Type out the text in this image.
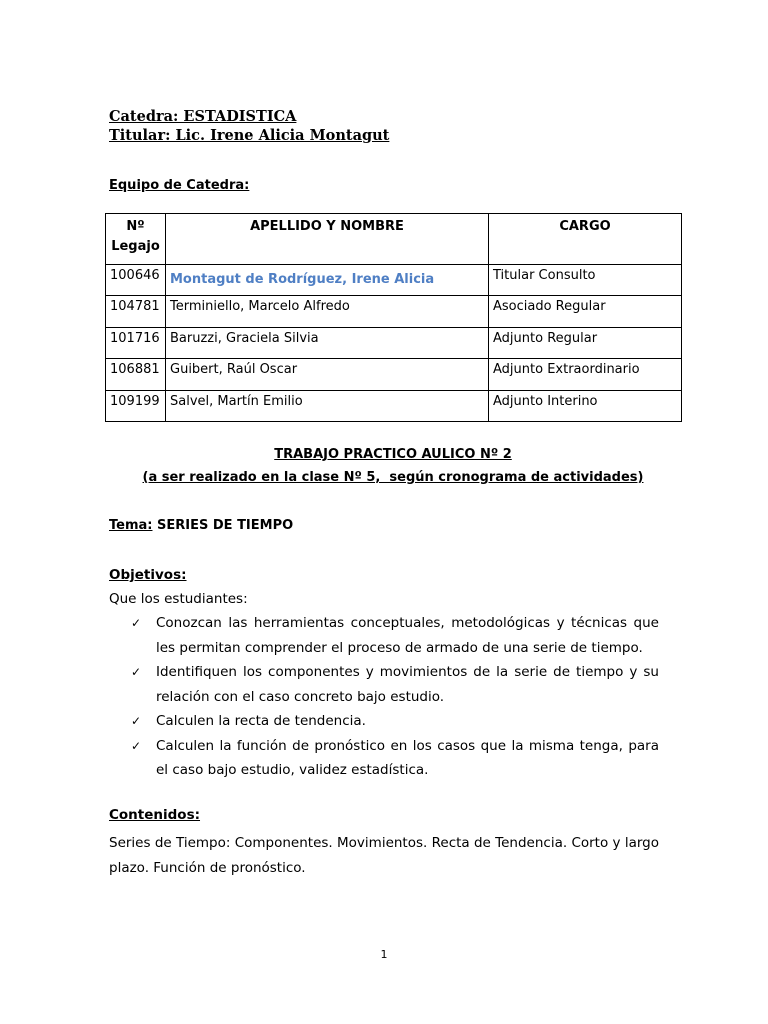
Catedra: ESTADISTICA
Titular: Lic. Irene Alicia Montagut
Equipo de Catedra:
Nº Legajo	APELLIDO Y NOMBRE	CARGO
100646	Montagut de Rodríguez, Irene Alicia	Titular Consulto
104781	Terminiello, Marcelo Alfredo	Asociado Regular
101716	Baruzzi, Graciela Silvia	Adjunto Regular
106881	Guibert, Raúl Oscar	Adjunto Extraordinario
109199	Salvel, Martín Emilio	Adjunto Interino
TRABAJO PRACTICO AULICO Nº 2
(a ser realizado en la clase Nº 5,  según cronograma de actividades)
Tema: SERIES DE TIEMPO
Objetivos:
Que los estudiantes:
✓ Conozcan las herramientas conceptuales, metodológicas y técnicas que les permitan comprender el proceso de armado de una serie de tiempo.
✓ Identifiquen los componentes y movimientos de la serie de tiempo y su relación con el caso concreto bajo estudio.
✓ Calculen la recta de tendencia.
✓ Calculen la función de pronóstico en los casos que la misma tenga, para el caso bajo estudio, validez estadística.
Contenidos:
Series de Tiempo: Componentes. Movimientos. Recta de Tendencia. Corto y largo plazo. Función de pronóstico.
1
